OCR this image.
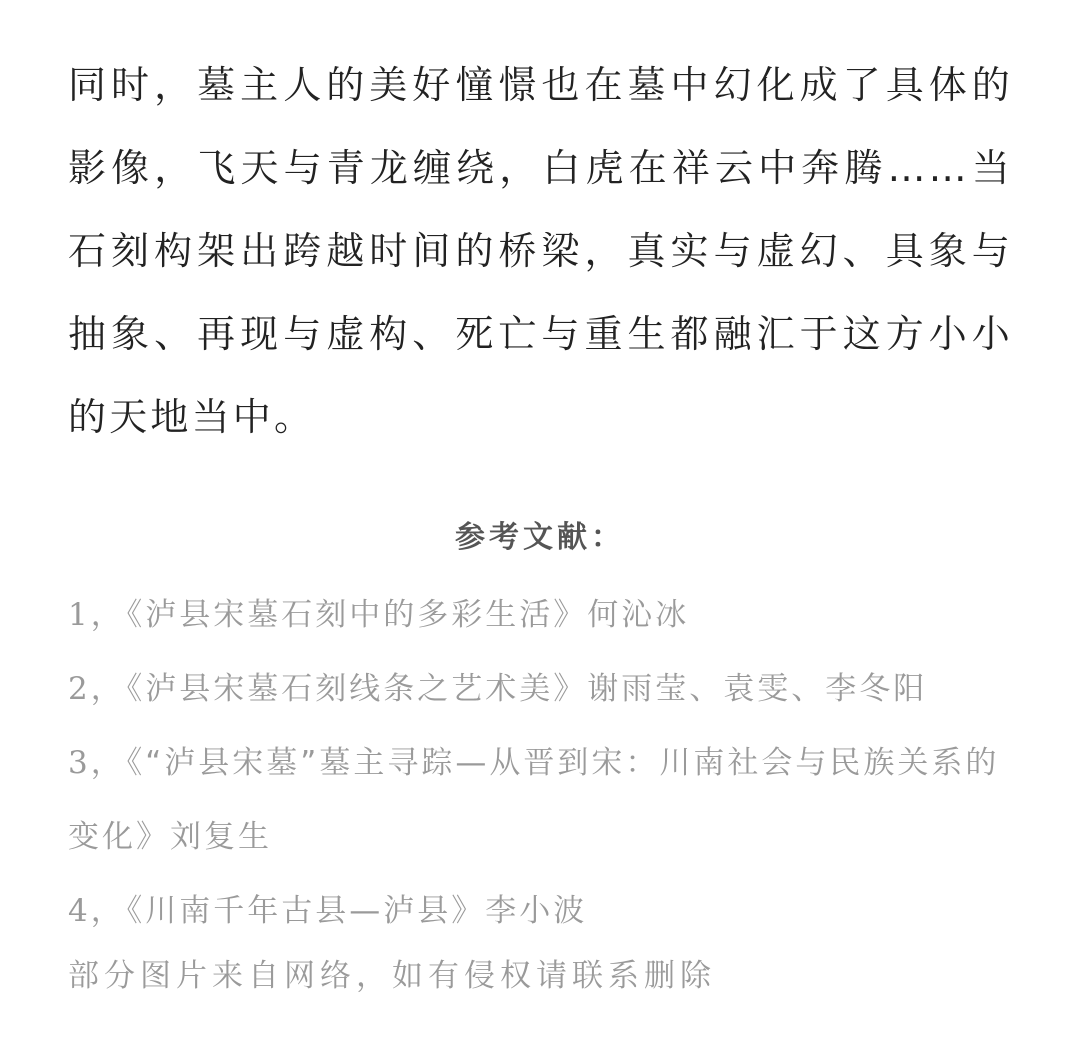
同时，墓主人的美好憧憬也在墓中幻化成了具体的影像，飞天与青龙缠绕，白虎在祥云中奔腾……当石刻构架出跨越时间的桥梁，真实与虚幻、具象与抽象、再现与虚构、死亡与重生都融汇于这方小小的天地当中。

参考文献：
1，《泸县宋墓石刻中的多彩生活》何沁冰
2，《泸县宋墓石刻线条之艺术美》谢雨莹、袁雯、李冬阳
3，《“泸县宋墓”墓主寻踪—从晋到宋：川南社会与民族关系的变化》刘复生
4，《川南千年古县—泸县》李小波

部分图片来自网络，如有侵权请联系删除
